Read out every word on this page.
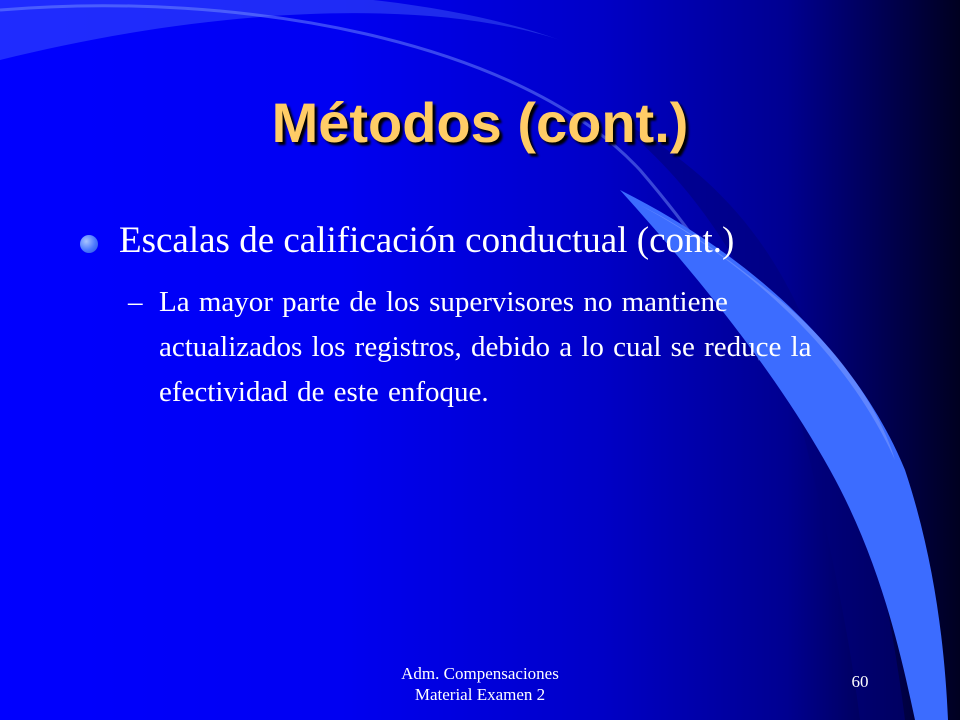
Métodos (cont.)
Escalas de calificación conductual (cont.)
– La mayor parte de los supervisores no mantiene actualizados los registros, debido a lo cual se reduce la efectividad de este enfoque.
Adm. Compensaciones
Material Examen 2
60
